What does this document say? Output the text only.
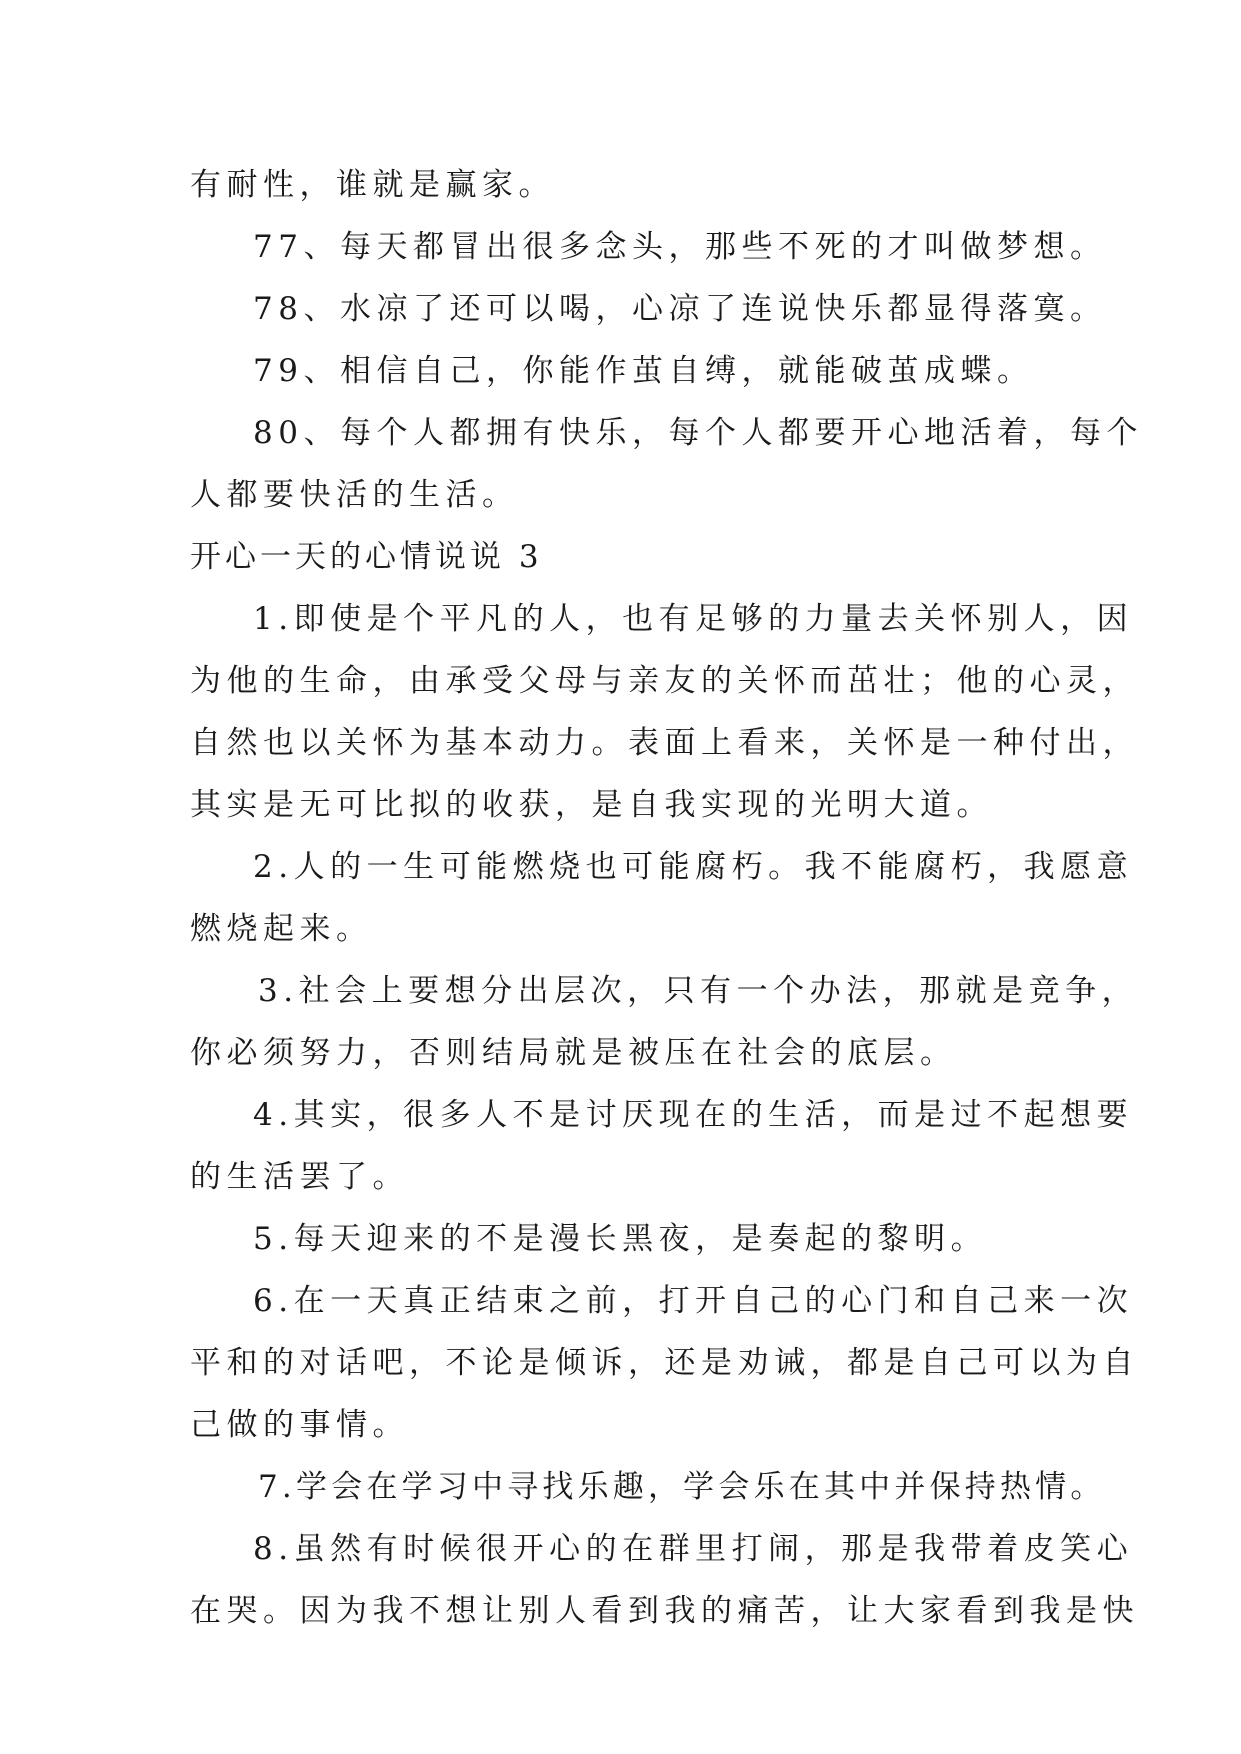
有耐性，谁就是赢家。

77、每天都冒出很多念头，那些不死的才叫做梦想。

78、水凉了还可以喝，心凉了连说快乐都显得落寞。

79、相信自己，你能作茧自缚，就能破茧成蝶。

80、每个人都拥有快乐，每个人都要开心地活着，每个

人都要快活的生活。

开心一天的心情说说 3

1.即使是个平凡的人，也有足够的力量去关怀别人，因

为他的生命，由承受父母与亲友的关怀而茁壮；他的心灵，

自然也以关怀为基本动力。表面上看来，关怀是一种付出，

其实是无可比拟的收获，是自我实现的光明大道。

2.人的一生可能燃烧也可能腐朽。我不能腐朽，我愿意

燃烧起来。

3.社会上要想分出层次，只有一个办法，那就是竞争，

你必须努力，否则结局就是被压在社会的底层。

4.其实，很多人不是讨厌现在的生活，而是过不起想要

的生活罢了。

5.每天迎来的不是漫长黑夜，是奏起的黎明。

6.在一天真正结束之前，打开自己的心门和自己来一次

平和的对话吧，不论是倾诉，还是劝诫，都是自己可以为自

己做的事情。

7.学会在学习中寻找乐趣，学会乐在其中并保持热情。

8.虽然有时候很开心的在群里打闹，那是我带着皮笑心

在哭。因为我不想让别人看到我的痛苦，让大家看到我是快
